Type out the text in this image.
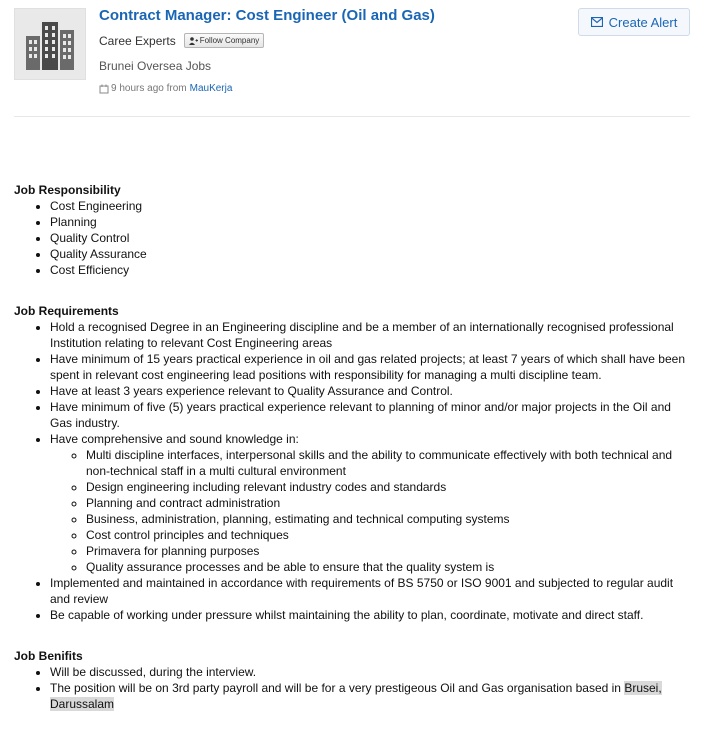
Contract Manager: Cost Engineer (Oil and Gas)
Caree Experts	Follow Company
Brunei Oversea Jobs
9 hours ago from MauKerja
Create Alert
Job Responsibility
• Cost Engineering
• Planning
• Quality Control
• Quality Assurance
• Cost Efficiency
Job Requirements
• Hold a recognised Degree in an Engineering discipline and be a member of an internationally recognised professional Institution relating to relevant Cost Engineering areas
• Have minimum of 15 years practical experience in oil and gas related projects; at least 7 years of which shall have been spent in relevant cost engineering lead positions with responsibility for managing a multi discipline team.
• Have at least 3 years experience relevant to Quality Assurance and Control.
• Have minimum of five (5) years practical experience relevant to planning of minor and/or major projects in the Oil and Gas industry.
• Have comprehensive and sound knowledge in:
◦ Multi discipline interfaces, interpersonal skills and the ability to communicate effectively with both technical and non-technical staff in a multi cultural environment
◦ Design engineering including relevant industry codes and standards
◦ Planning and contract administration
◦ Business, administration, planning, estimating and technical computing systems
◦ Cost control principles and techniques
◦ Primavera for planning purposes
◦ Quality assurance processes and be able to ensure that the quality system is
• Implemented and maintained in accordance with requirements of BS 5750 or ISO 9001 and subjected to regular audit and review
• Be capable of working under pressure whilst maintaining the ability to plan, coordinate, motivate and direct staff.
Job Benifits
• Will be discussed, during the interview.
• The position will be on 3rd party payroll and will be for a very prestigeous Oil and Gas organisation based in Brusei, Darussalam
